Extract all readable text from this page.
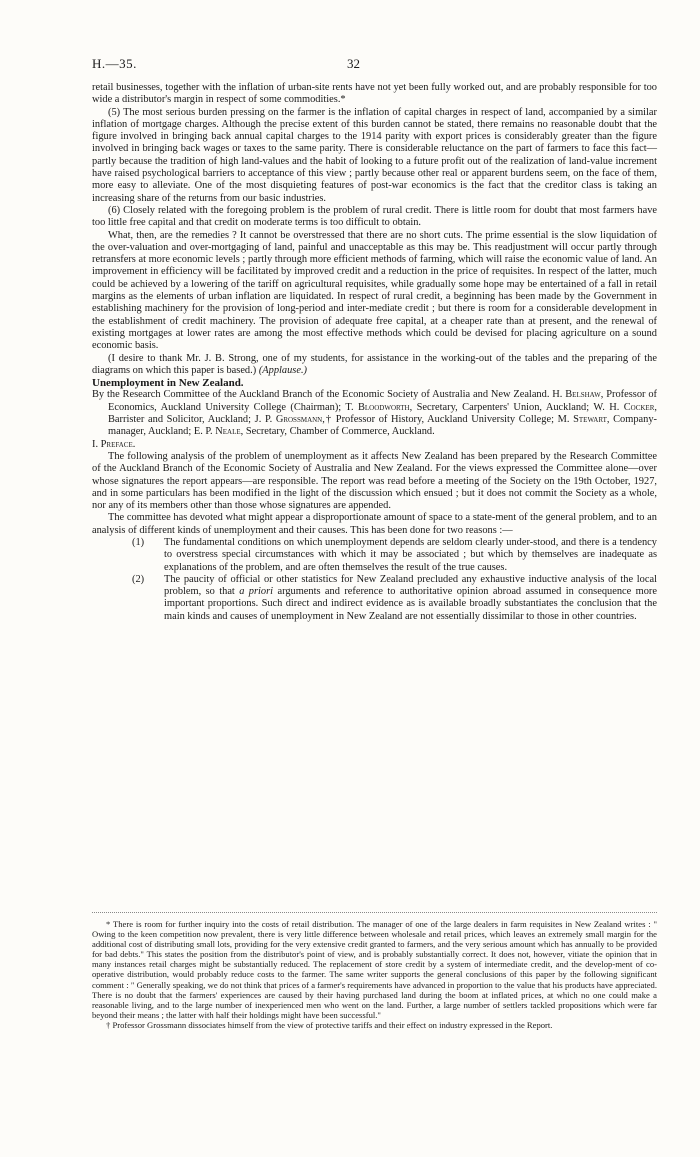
H.—35.	32

retail businesses, together with the inflation of urban-site rents have not yet been fully worked out, and are probably responsible for too wide a distributor's margin in respect of some commodities.*

(5) The most serious burden pressing on the farmer is the inflation of capital charges in respect of land, accompanied by a similar inflation of mortgage charges. Although the precise extent of this burden cannot be stated, there remains no reasonable doubt that the figure involved in bringing back annual capital charges to the 1914 parity with export prices is considerably greater than the figure involved in bringing back wages or taxes to the same parity. There is considerable reluctance on the part of farmers to face this fact—partly because the tradition of high land-values and the habit of looking to a future profit out of the realization of land-value increment have raised psychological barriers to acceptance of this view ; partly because other real or apparent burdens seem, on the face of them, more easy to alleviate. One of the most disquieting features of post-war economics is the fact that the creditor class is taking an increasing share of the returns from our basic industries.

(6) Closely related with the foregoing problem is the problem of rural credit. There is little room for doubt that most farmers have too little free capital and that credit on moderate terms is too difficult to obtain.

What, then, are the remedies ? It cannot be overstressed that there are no short cuts. The prime essential is the slow liquidation of the over-valuation and over-mortgaging of land, painful and unacceptable as this may be. This readjustment will occur partly through retransfers at more economic levels ; partly through more efficient methods of farming, which will raise the economic value of land. An improvement in efficiency will be facilitated by improved credit and a reduction in the price of requisites. In respect of the latter, much could be achieved by a lowering of the tariff on agricultural requisites, while gradually some hope may be entertained of a fall in retail margins as the elements of urban inflation are liquidated. In respect of rural credit, a beginning has been made by the Government in establishing machinery for the provision of long-period and inter-mediate credit ; but there is room for a considerable development in the establishment of credit machinery. The provision of adequate free capital, at a cheaper rate than at present, and the renewal of existing mortgages at lower rates are among the most effective methods which could be devised for placing agriculture on a sound economic basis.

(I desire to thank Mr. J. B. Strong, one of my students, for assistance in the working-out of the tables and the preparing of the diagrams on which this paper is based.) (Applause.)

Unemployment in New Zealand.

By the Research Committee of the Auckland Branch of the Economic Society of Australia and New Zealand. H. Belshaw, Professor of Economics, Auckland University College (Chairman); T. Bloodworth, Secretary, Carpenters' Union, Auckland; W. H. Cocker, Barrister and Solicitor, Auckland; J. P. Grossmann,† Professor of History, Auckland University College; M. Stewart, Company-manager, Auckland; E. P. Neale, Secretary, Chamber of Commerce, Auckland.

I. Preface.

The following analysis of the problem of unemployment as it affects New Zealand has been prepared by the Research Committee of the Auckland Branch of the Economic Society of Australia and New Zealand. For the views expressed the Committee alone—over whose signatures the report appears—are responsible. The report was read before a meeting of the Society on the 19th October, 1927, and in some particulars has been modified in the light of the discussion which ensued ; but it does not commit the Society as a whole, nor any of its members other than those whose signatures are appended.

The committee has devoted what might appear a disproportionate amount of space to a state-ment of the general problem, and to an analysis of different kinds of unemployment and their causes. This has been done for two reasons :—

(1) The fundamental conditions on which unemployment depends are seldom clearly under-stood, and there is a tendency to overstress special circumstances with which it may be associated ; but which by themselves are inadequate as explanations of the problem, and are often themselves the result of the true causes.
(2) The paucity of official or other statistics for New Zealand precluded any exhaustive inductive analysis of the local problem, so that a priori arguments and reference to authoritative opinion abroad assumed in consequence more important proportions. Such direct and indirect evidence as is available broadly substantiates the conclusion that the main kinds and causes of unemployment in New Zealand are not essentially dissimilar to those in other countries.

* There is room for further inquiry into the costs of retail distribution. The manager of one of the large dealers in farm requisites in New Zealand writes : " Owing to the keen competition now prevalent, there is very little difference between wholesale and retail prices, which leaves an extremely small margin for the additional cost of distributing small lots, providing for the very extensive credit granted to farmers, and the very serious amount which has annually to be provided for bad debts." This states the position from the distributor's point of view, and is probably substantially correct. It does not, however, vitiate the opinion that in many instances retail charges might be substantially reduced. The replacement of store credit by a system of intermediate credit, and the develop-ment of co-operative distribution, would probably reduce costs to the farmer. The same writer supports the general conclusions of this paper by the following significant comment : " Generally speaking, we do not think that prices of a farmer's requirements have advanced in proportion to the value that his products have appreciated. There is no doubt that the farmers' experiences are caused by their having purchased land during the boom at inflated prices, at which no one could make a reasonable living, and to the large number of inexperienced men who went on the land. Further, a large number of settlers tackled propositions which were far beyond their means ; the latter with half their holdings might have been successful."

† Professor Grossmann dissociates himself from the view of protective tariffs and their effect on industry expressed in the Report.
